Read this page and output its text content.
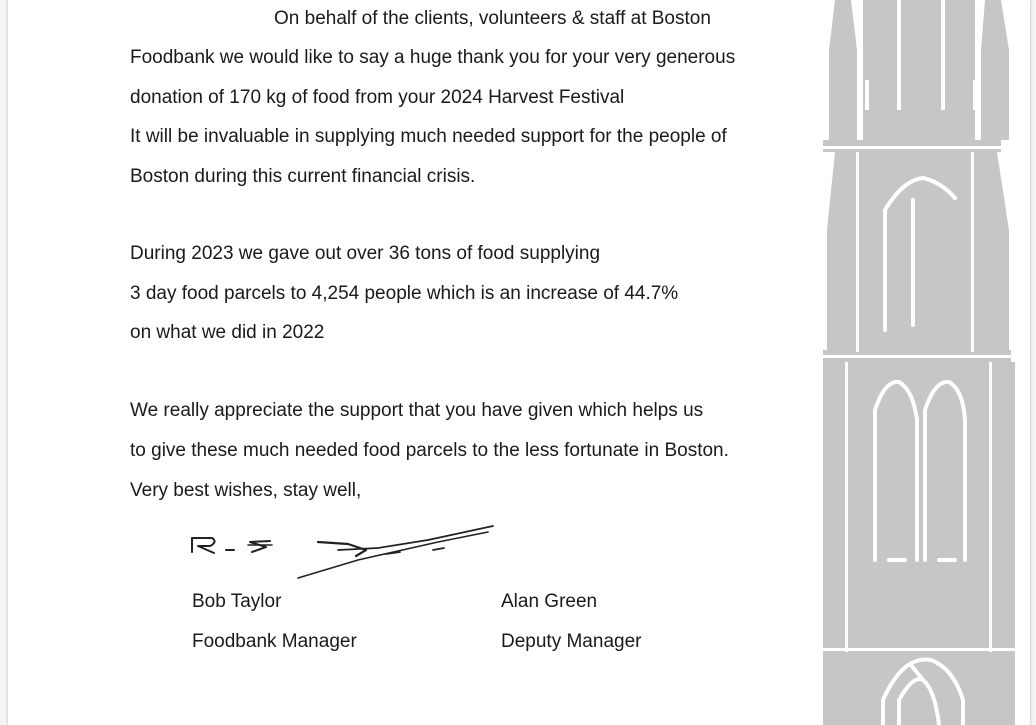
On behalf of the clients, volunteers & staff at Boston
Foodbank we would like to say a huge thank you for your very generous
donation of 170 kg of food from your 2024 Harvest Festival
It will be invaluable in supplying much needed support for the people of
Boston during this current financial crisis.
During 2023 we gave out over 36 tons of food supplying
3 day food parcels to 4,254 people which is an increase of 44.7%
on what we did in 2022
We really appreciate the support that you have given which helps us
to give these much needed food parcels to the less fortunate in Boston.
Very best wishes, stay well,
Bob Taylor
Foodbank Manager
Alan Green
Deputy Manager
